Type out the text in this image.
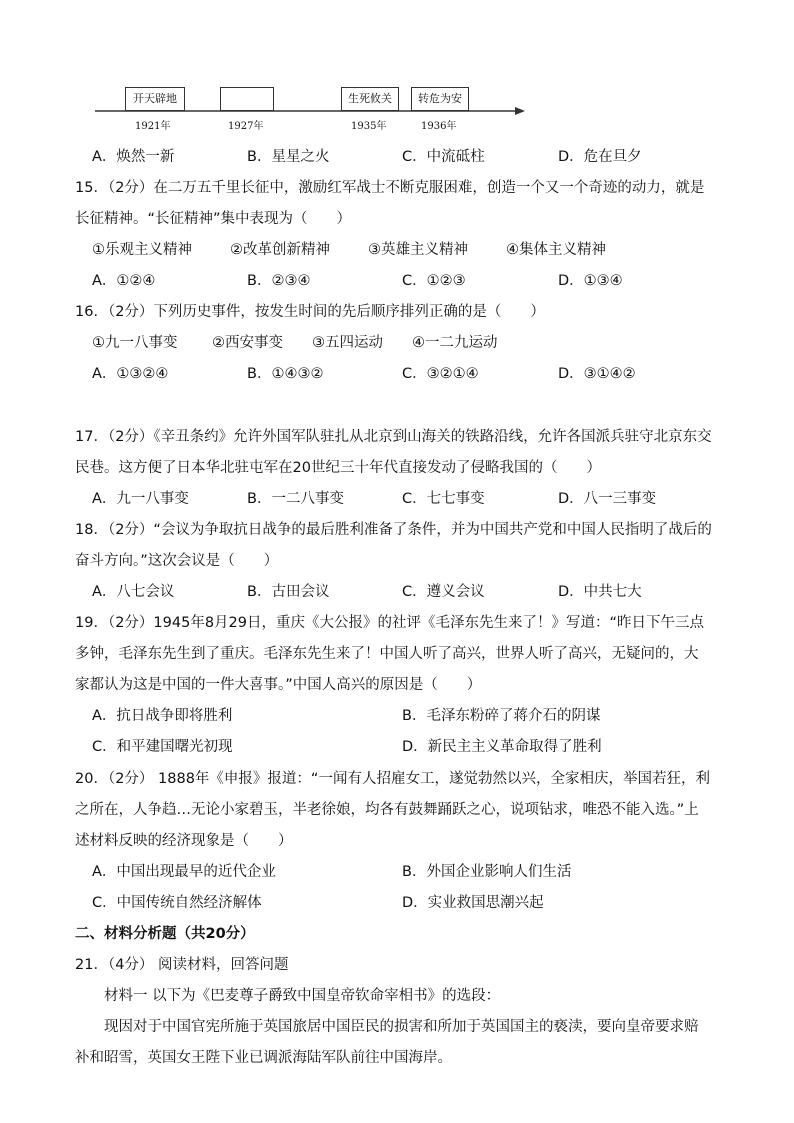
开天辟地	生死攸关	转危为安
1921年	1927年	1935年	1936年
A．焕然一新	B．星星之火	C．中流砥柱	D．危在旦夕
15．（2分）在二万五千里长征中，激励红军战士不断克服困难，创造一个又一个奇迹的动力，就是
长征精神。“长征精神”集中表现为（　　）
①乐观主义精神	②改革创新精神	③英雄主义精神	④集体主义精神
A．①②④	B．②③④	C．①②③	D．①③④
16．（2分）下列历史事件，按发生时间的先后顺序排列正确的是（　　）
①九一八事变 ②西安事变 ③五四运动 ④一二九运动
A．①③②④	B．①④③②	C．③②①④	D．③①④②
17．（2分）《辛丑条约》允许外国军队驻扎从北京到山海关的铁路沿线，允许各国派兵驻守北京东交
民巷。这方便了日本华北驻屯军在20世纪三十年代直接发动了侵略我国的（　　）
A．九一八事变	B．一二八事变	C．七七事变	D．八一三事变
18．（2分）“会议为争取抗日战争的最后胜利准备了条件，并为中国共产党和中国人民指明了战后的
奋斗方向。”这次会议是（　　）
A．八七会议	B．古田会议	C．遵义会议	D．中共七大
19．（2分）1945年8月29日，重庆《大公报》的社评《毛泽东先生来了！》写道：“昨日下午三点
多钟，毛泽东先生到了重庆。毛泽东先生来了！中国人听了高兴，世界人听了高兴，无疑问的，大
家都认为这是中国的一件大喜事。”中国人高兴的原因是（　　）
A．抗日战争即将胜利	B．毛泽东粉碎了蒋介石的阴谋
C．和平建国曙光初现	D．新民主主义革命取得了胜利
20．（2分） 1888年《申报》报道：“一闻有人招雇女工，遂觉勃然以兴，全家相庆，举国若狂，利
之所在，人争趋…无论小家碧玉，半老徐娘，均各有鼓舞踊跃之心，说项钻求，唯恐不能入选。”上
述材料反映的经济现象是（　　）
A．中国出现最早的近代企业	B．外国企业影响人们生活
C．中国传统自然经济解体	D．实业救国思潮兴起
二、材料分析题（共20分）
21．（4分） 阅读材料，回答问题
材料一 以下为《巴麦尊子爵致中国皇帝钦命宰相书》的选段：
现因对于中国官宪所施于英国旅居中国臣民的损害和所加于英国国主的亵渎，要向皇帝要求赔
补和昭雪，英国女王陛下业已调派海陆军队前往中国海岸。
